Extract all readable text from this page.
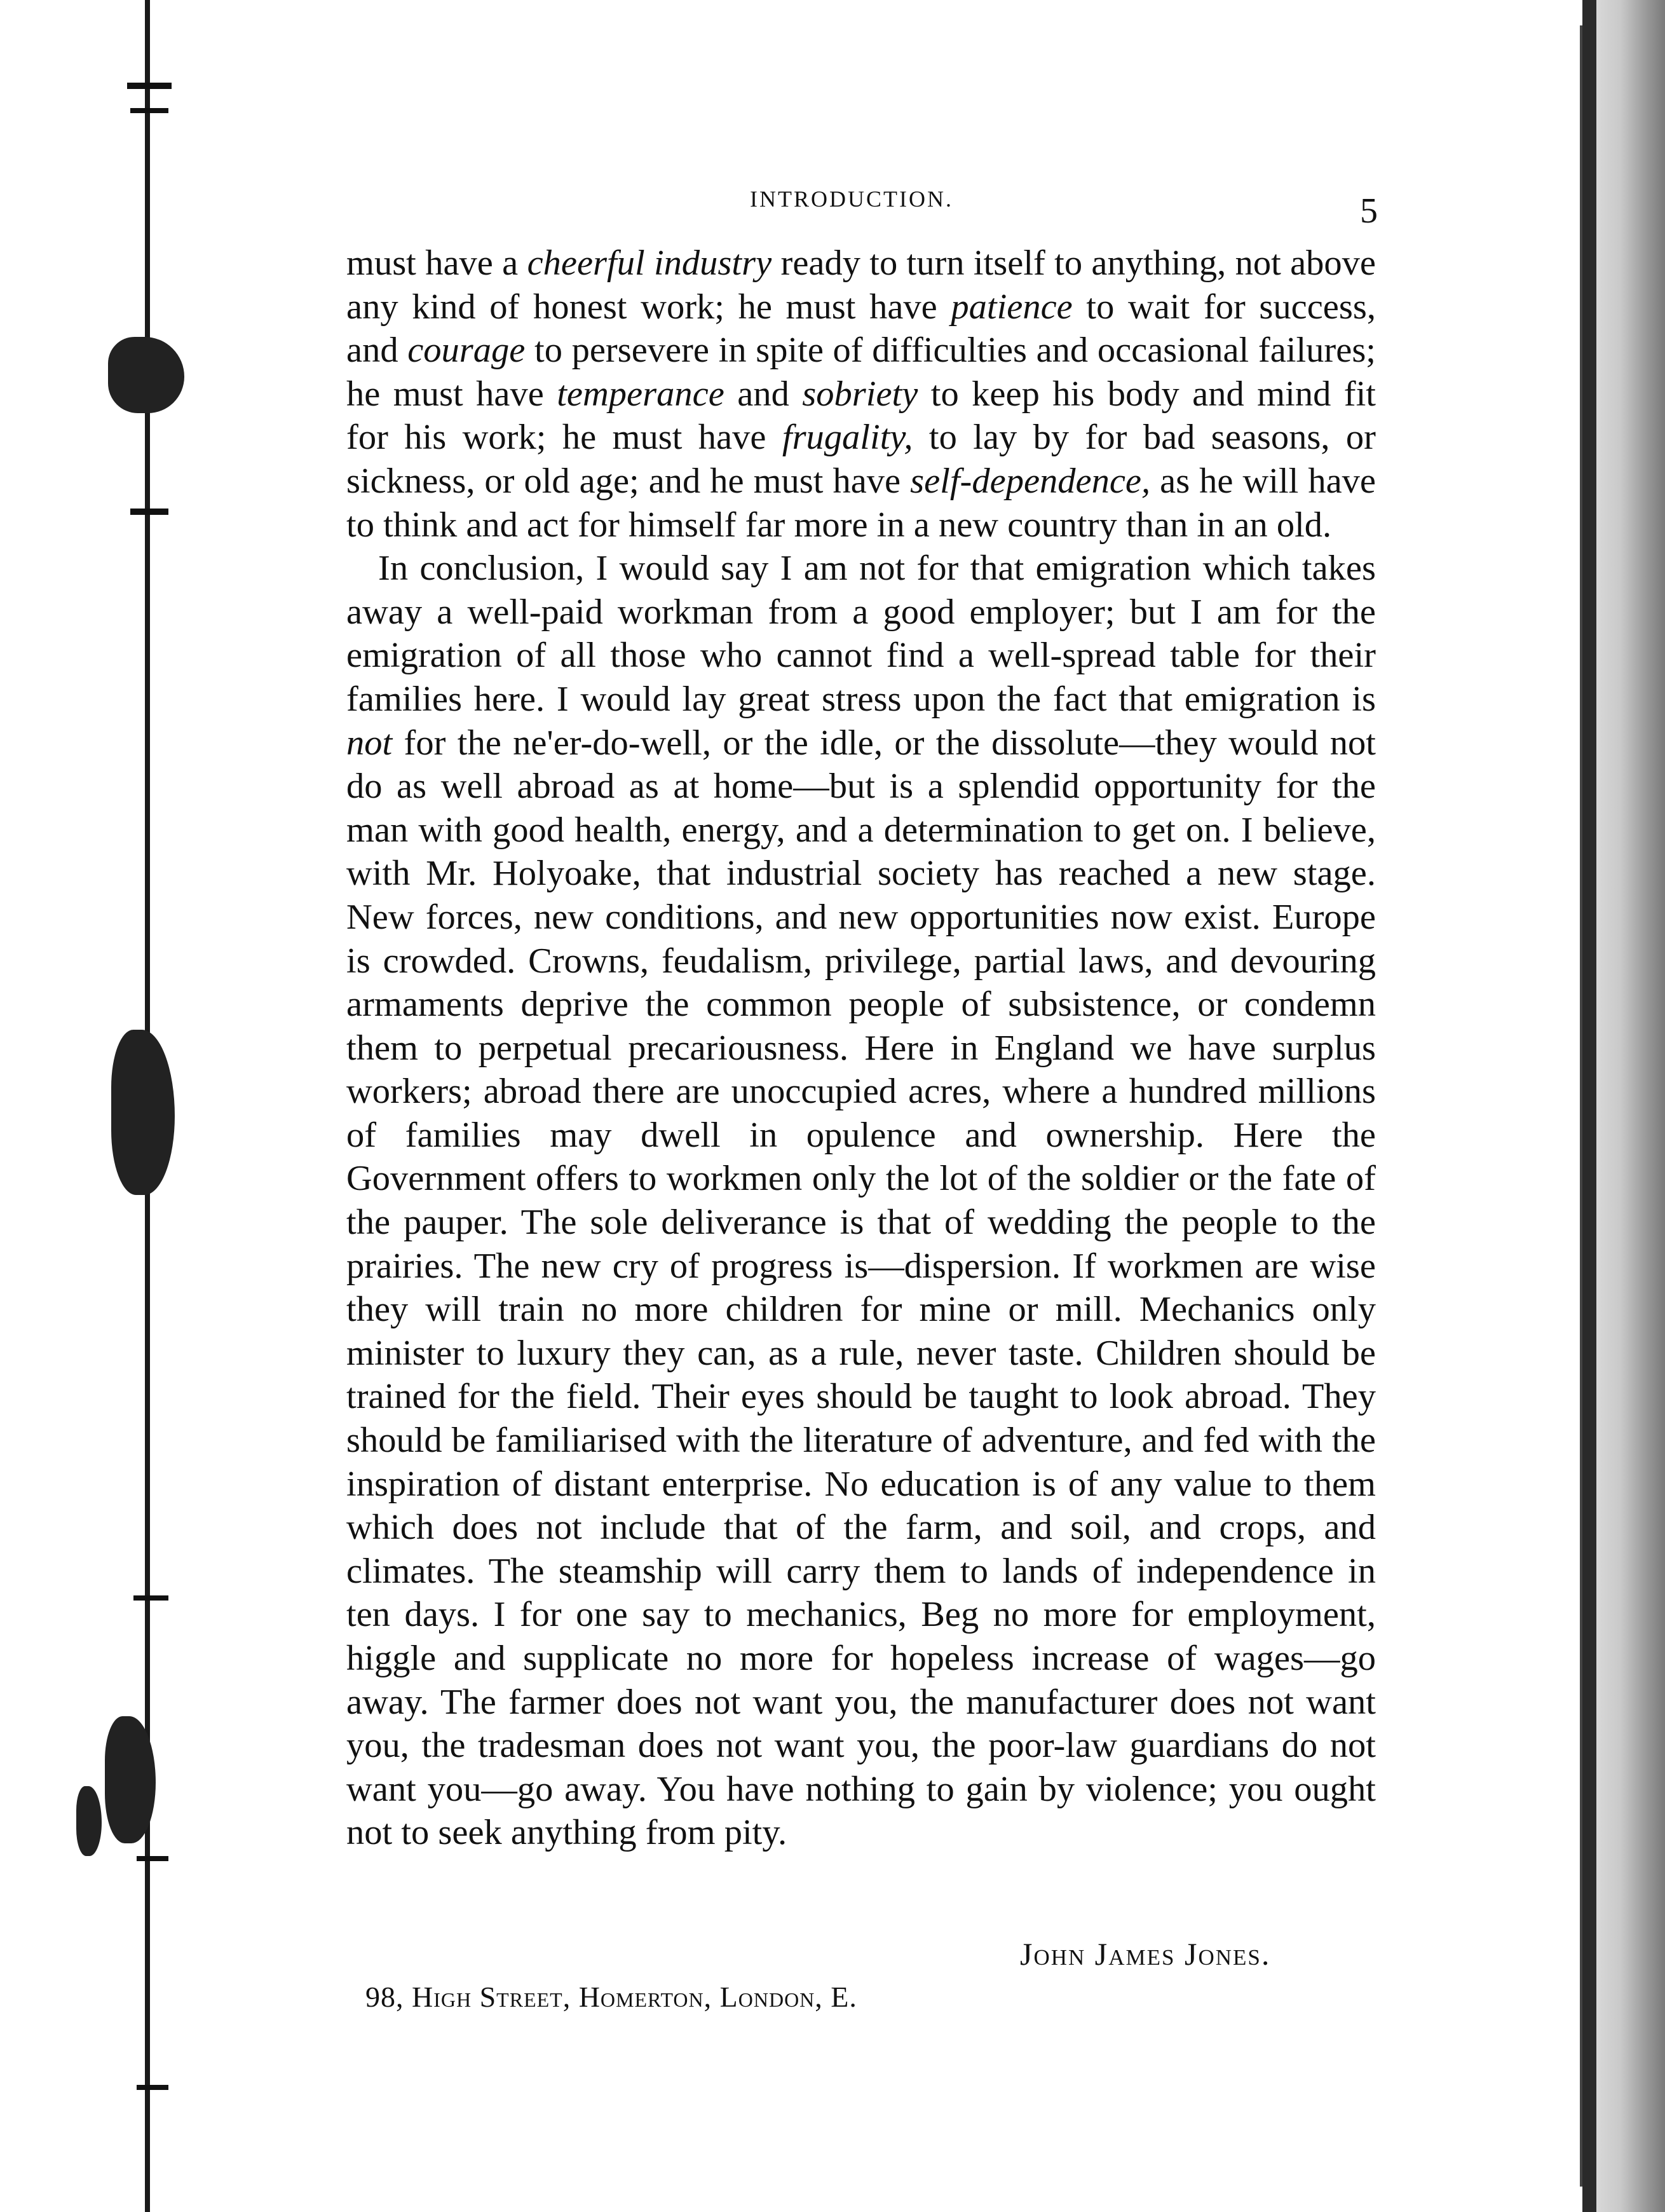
INTRODUCTION.	5

must have a cheerful industry ready to turn itself to anything, not above any kind of honest work; he must have patience to wait for success, and courage to persevere in spite of difficulties and occasional failures; he must have temperance and sobriety to keep his body and mind fit for his work; he must have frugality, to lay by for bad seasons, or sickness, or old age; and he must have self-dependence, as he will have to think and act for himself far more in a new country than in an old.

In conclusion, I would say I am not for that emigration which takes away a well-paid workman from a good employer; but I am for the emigration of all those who cannot find a well-spread table for their families here. I would lay great stress upon the fact that emigration is not for the ne'er-do-well, or the idle, or the dissolute—they would not do as well abroad as at home—but is a splendid opportunity for the man with good health, energy, and a determination to get on. I believe, with Mr. Holyoake, that industrial society has reached a new stage. New forces, new conditions, and new opportunities now exist. Europe is crowded. Crowns, feudalism, privilege, partial laws, and devouring armaments deprive the common people of subsistence, or condemn them to perpetual precariousness. Here in England we have surplus workers; abroad there are unoccupied acres, where a hundred millions of families may dwell in opulence and ownership. Here the Government offers to workmen only the lot of the soldier or the fate of the pauper. The sole deliverance is that of wedding the people to the prairies. The new cry of progress is—dispersion. If workmen are wise they will train no more children for mine or mill. Mechanics only minister to luxury they can, as a rule, never taste. Children should be trained for the field. Their eyes should be taught to look abroad. They should be familiarised with the literature of adventure, and fed with the inspiration of distant enterprise. No education is of any value to them which does not include that of the farm, and soil, and crops, and climates. The steamship will carry them to lands of independence in ten days. I for one say to mechanics, Beg no more for employment, higgle and supplicate no more for hopeless increase of wages—go away. The farmer does not want you, the manufacturer does not want you, the tradesman does not want you, the poor-law guardians do not want you—go away. You have nothing to gain by violence; you ought not to seek anything from pity.

John James Jones.
98, High Street, Homerton, London, E.
